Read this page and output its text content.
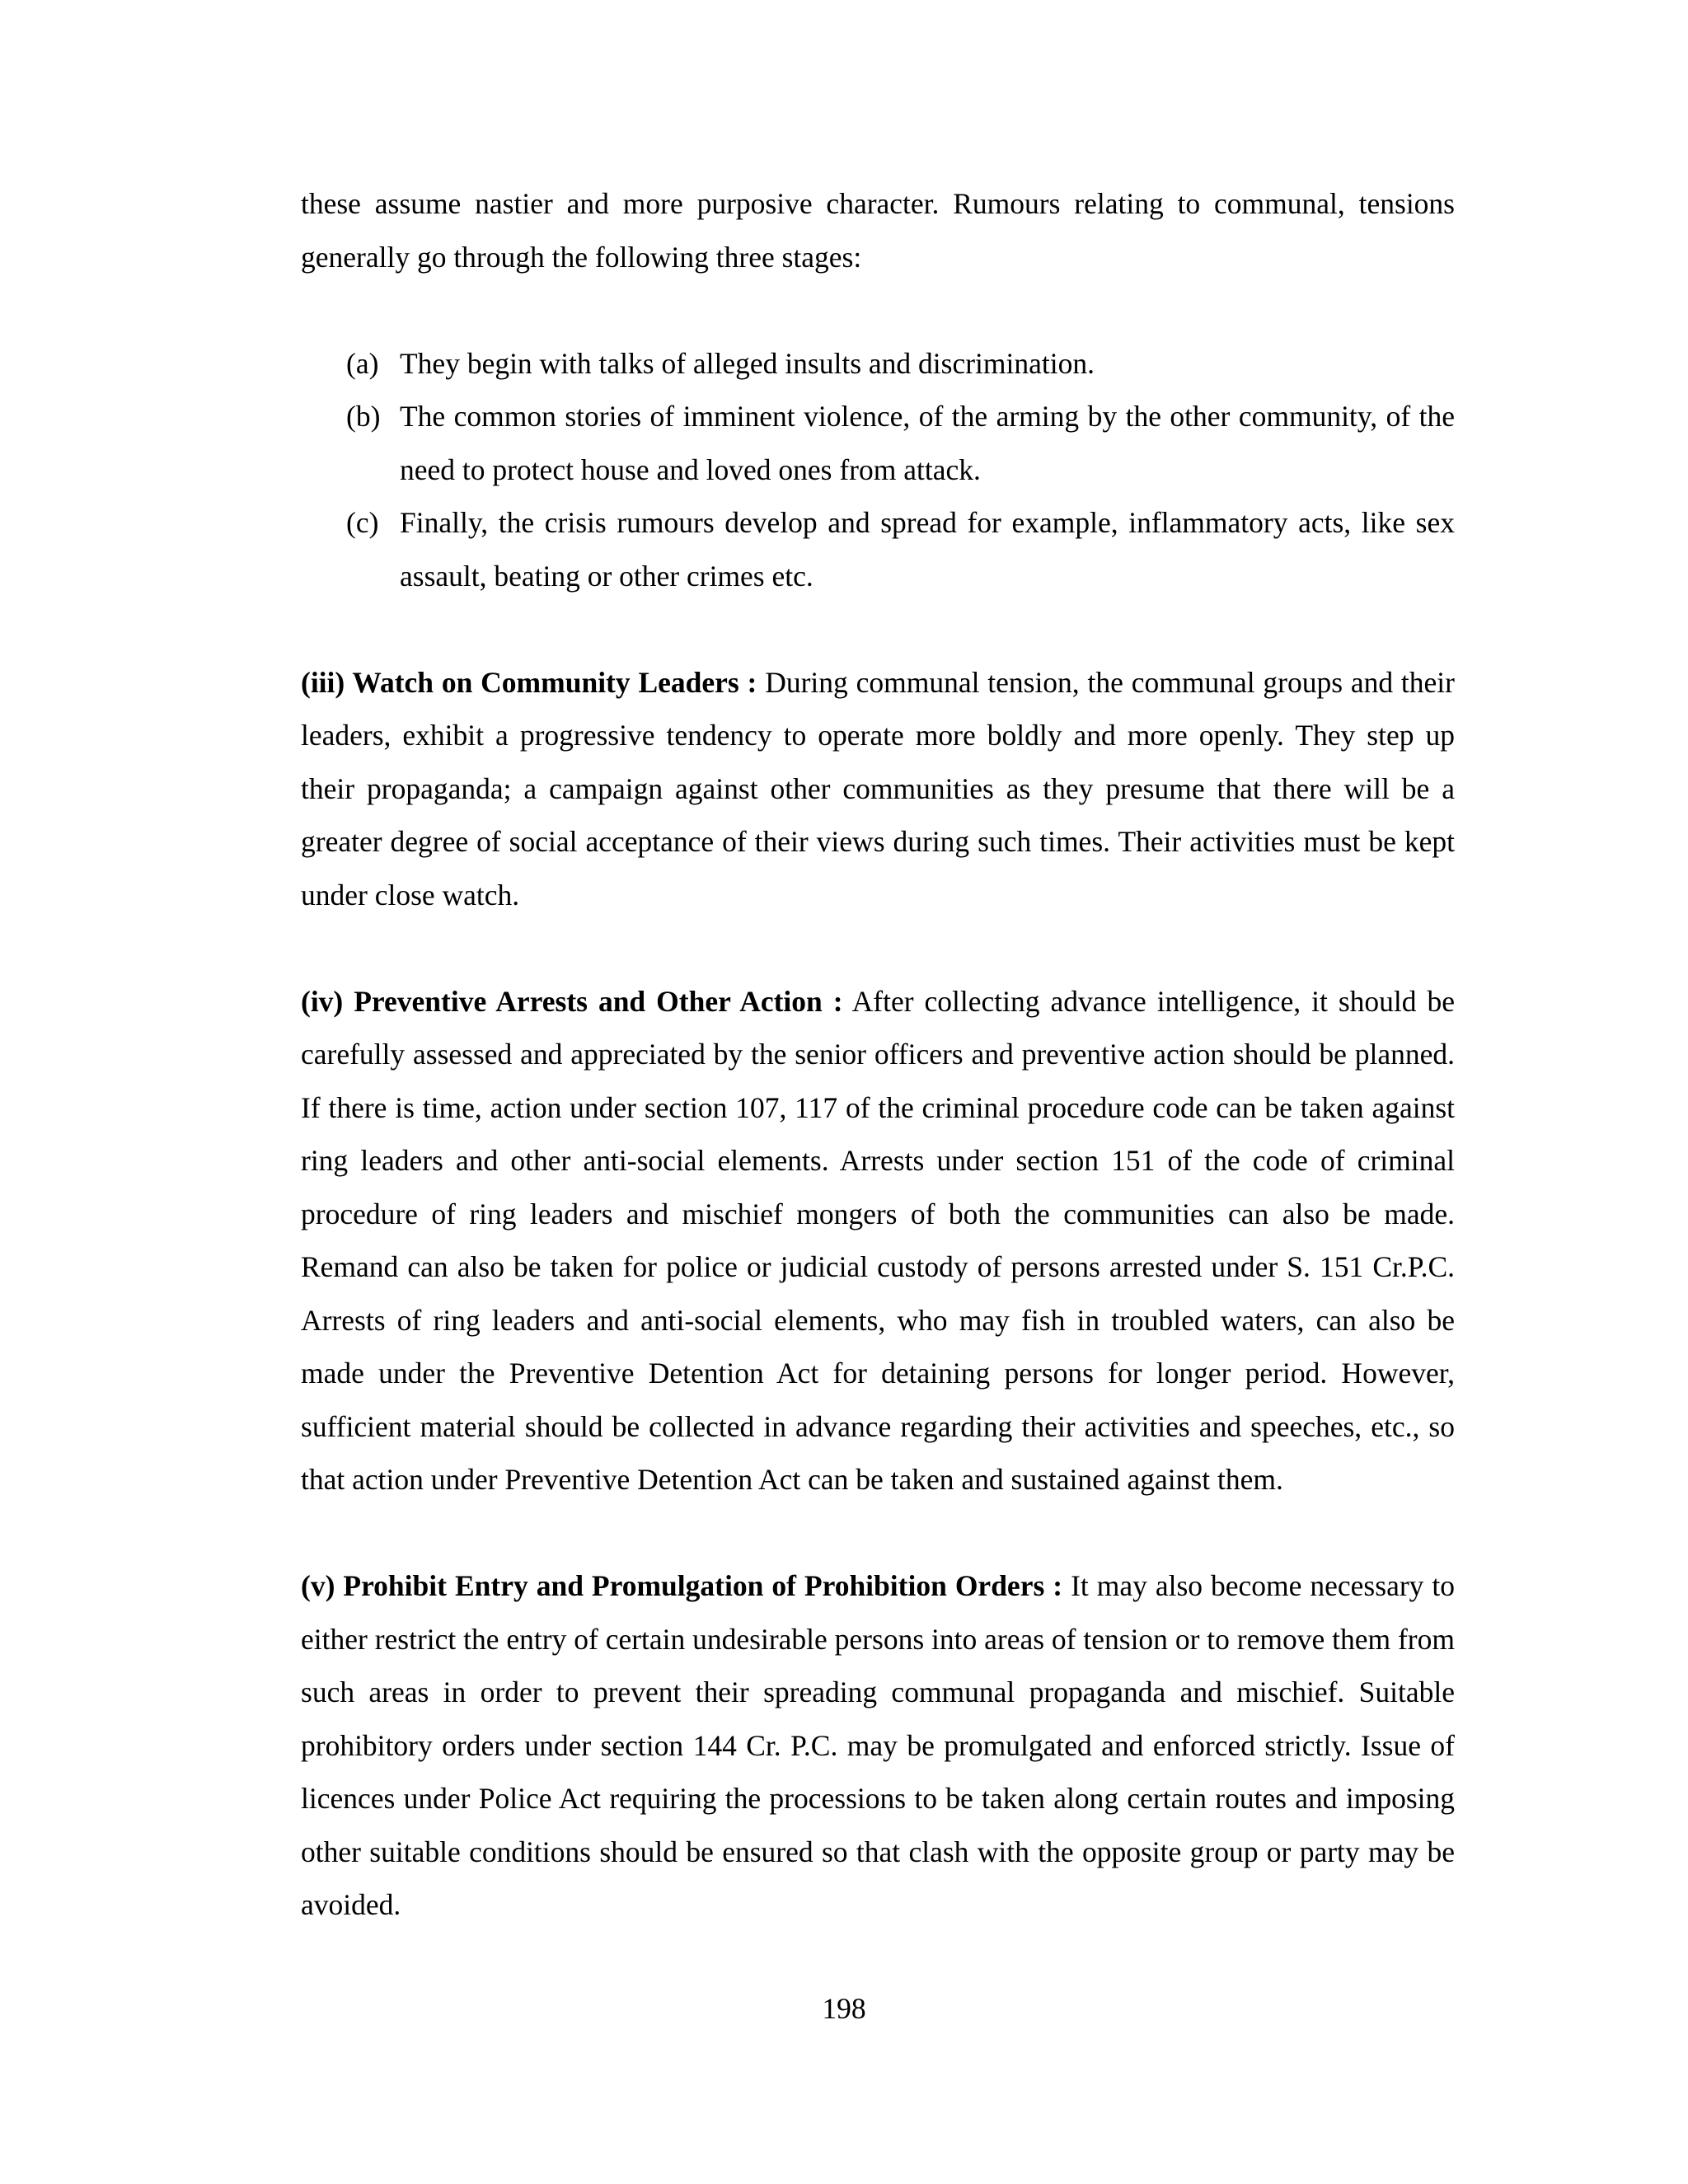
these assume nastier and more purposive character. Rumours relating to communal, tensions generally go through the following three stages:

(a) They begin with talks of alleged insults and discrimination.
(b) The common stories of imminent violence, of the arming by the other community, of the need to protect house and loved ones from attack.
(c) Finally, the crisis rumours develop and spread for example, inflammatory acts, like sex assault, beating or other crimes etc.

(iii) Watch on Community Leaders : During communal tension, the communal groups and their leaders, exhibit a progressive tendency to operate more boldly and more openly. They step up their propaganda; a campaign against other communities as they presume that there will be a greater degree of social acceptance of their views during such times. Their activities must be kept under close watch.

(iv) Preventive Arrests and Other Action : After collecting advance intelligence, it should be carefully assessed and appreciated by the senior officers and preventive action should be planned. If there is time, action under section 107, 117 of the criminal procedure code can be taken against ring leaders and other anti-social elements. Arrests under section 151 of the code of criminal procedure of ring leaders and mischief mongers of both the communities can also be made. Remand can also be taken for police or judicial custody of persons arrested under S. 151 Cr.P.C. Arrests of ring leaders and anti-social elements, who may fish in troubled waters, can also be made under the Preventive Detention Act for detaining persons for longer period. However, sufficient material should be collected in advance regarding their activities and speeches, etc., so that action under Preventive Detention Act can be taken and sustained against them.

(v) Prohibit Entry and Promulgation of Prohibition Orders : It may also become necessary to either restrict the entry of certain undesirable persons into areas of tension or to remove them from such areas in order to prevent their spreading communal propaganda and mischief. Suitable prohibitory orders under section 144 Cr. P.C. may be promulgated and enforced strictly. Issue of licences under Police Act requiring the processions to be taken along certain routes and imposing other suitable conditions should be ensured so that clash with the opposite group or party may be avoided.

198
